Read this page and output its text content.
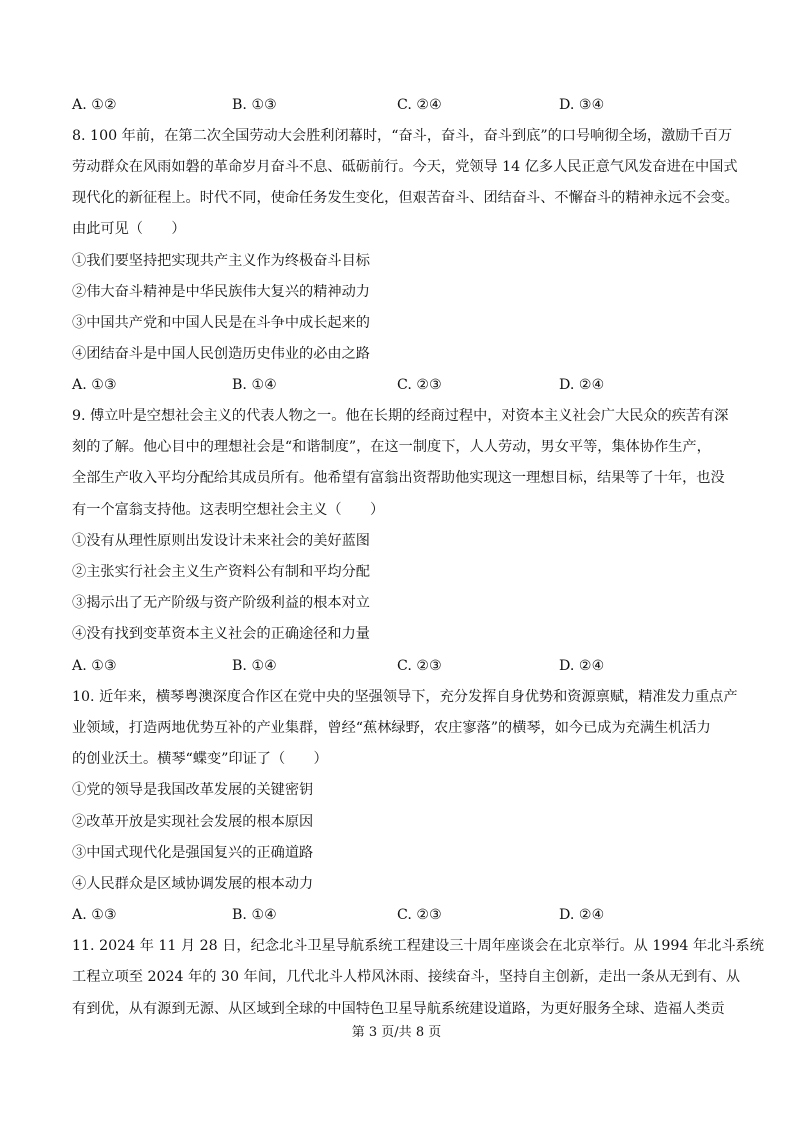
A. ①②	B. ①③	C. ②④	D. ③④
8. 100 年前，在第二次全国劳动大会胜利闭幕时，“奋斗，奋斗，奋斗到底”的口号响彻全场，激励千百万
劳动群众在风雨如磐的革命岁月奋斗不息、砥砺前行。今天，党领导 14 亿多人民正意气风发奋进在中国式
现代化的新征程上。时代不同，使命任务发生变化，但艰苦奋斗、团结奋斗、不懈奋斗的精神永远不会变。
由此可见（　　）
①我们要坚持把实现共产主义作为终极奋斗目标
②伟大奋斗精神是中华民族伟大复兴的精神动力
③中国共产党和中国人民是在斗争中成长起来的
④团结奋斗是中国人民创造历史伟业的必由之路
A. ①③	B. ①④	C. ②③	D. ②④
9. 傅立叶是空想社会主义的代表人物之一。他在长期的经商过程中，对资本主义社会广大民众的疾苦有深
刻的了解。他心目中的理想社会是“和谐制度”，在这一制度下，人人劳动，男女平等，集体协作生产，
全部生产收入平均分配给其成员所有。他希望有富翁出资帮助他实现这一理想目标，结果等了十年，也没
有一个富翁支持他。这表明空想社会主义（　　）
①没有从理性原则出发设计未来社会的美好蓝图
②主张实行社会主义生产资料公有制和平均分配
③揭示出了无产阶级与资产阶级利益的根本对立
④没有找到变革资本主义社会的正确途径和力量
A. ①③	B. ①④	C. ②③	D. ②④
10. 近年来，横琴粤澳深度合作区在党中央的坚强领导下，充分发挥自身优势和资源禀赋，精准发力重点产
业领域，打造两地优势互补的产业集群，曾经“蕉林绿野，农庄寥落”的横琴，如今已成为充满生机活力
的创业沃土。横琴“蝶变”印证了（　　）
①党的领导是我国改革发展的关键密钥
②改革开放是实现社会发展的根本原因
③中国式现代化是强国复兴的正确道路
④人民群众是区域协调发展的根本动力
A. ①③	B. ①④	C. ②③	D. ②④
11. 2024 年 11 月 28 日，纪念北斗卫星导航系统工程建设三十周年座谈会在北京举行。从 1994 年北斗系统
工程立项至 2024 年的 30 年间，几代北斗人栉风沐雨、接续奋斗，坚持自主创新，走出一条从无到有、从
有到优，从有源到无源、从区域到全球的中国特色卫星导航系统建设道路，为更好服务全球、造福人类贡
第 3 页/共 8 页
